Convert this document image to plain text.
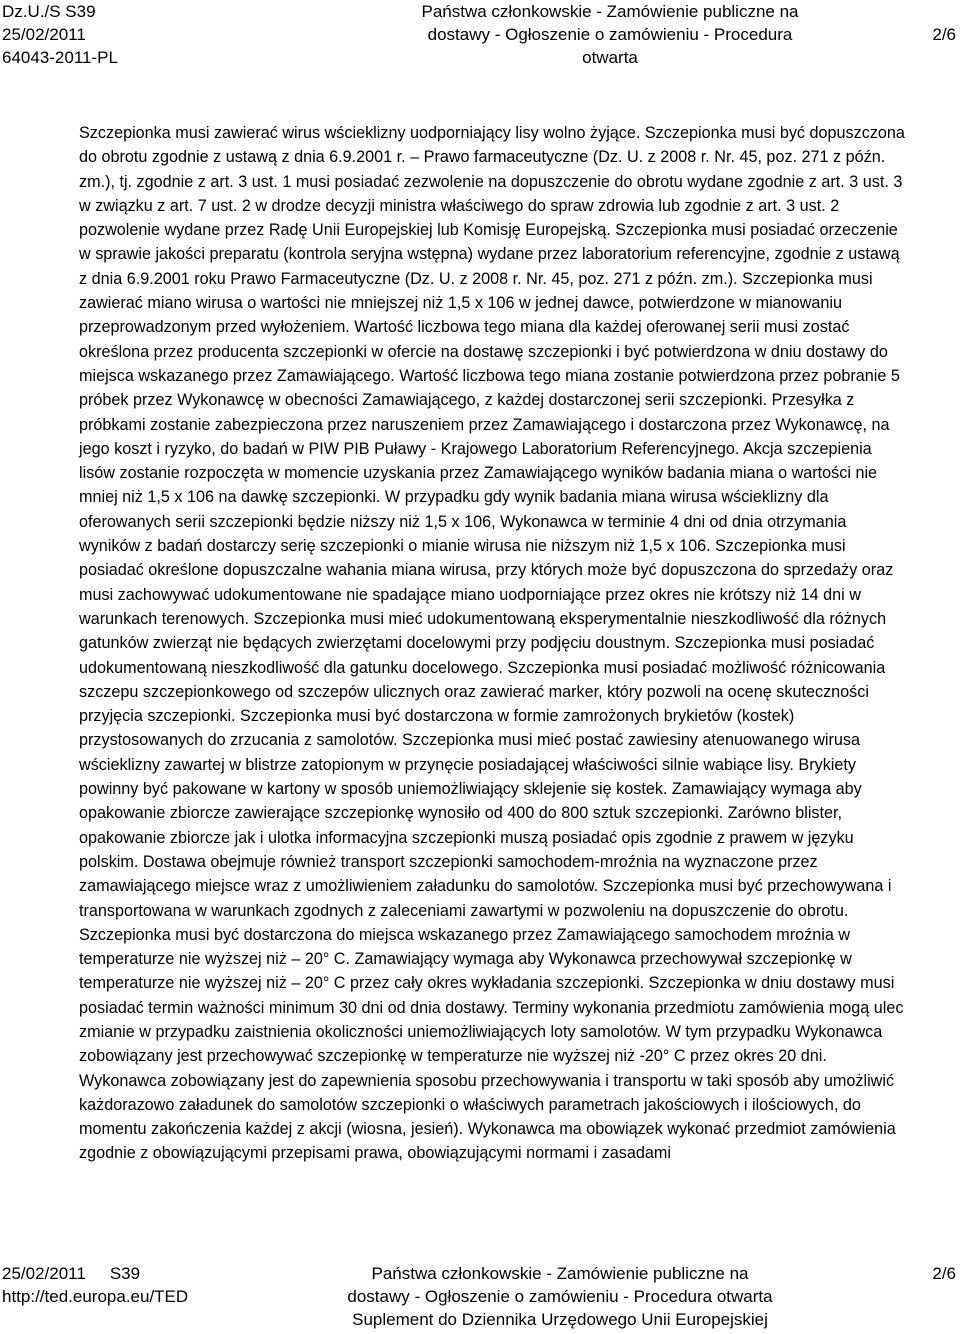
Dz.U./S S39
25/02/2011
64043-2011-PL
Państwa członkowskie - Zamówienie publiczne na
dostawy - Ogłoszenie o zamówieniu - Procedura otwarta
2/6

Szczepionka musi zawierać wirus wścieklizny uodporniający lisy wolno żyjące. Szczepionka musi być dopuszczona do obrotu zgodnie z ustawą z dnia 6.9.2001 r. – Prawo farmaceutyczne (Dz. U. z 2008 r. Nr. 45, poz. 271 z późn. zm.), tj. zgodnie z art. 3 ust. 1 musi posiadać zezwolenie na dopuszczenie do obrotu wydane zgodnie z art. 3 ust. 3 w związku z art. 7 ust. 2 w drodze decyzji ministra właściwego do spraw zdrowia lub zgodnie z art. 3 ust. 2 pozwolenie wydane przez Radę Unii Europejskiej lub Komisję Europejską. Szczepionka musi posiadać orzeczenie w sprawie jakości preparatu (kontrola seryjna wstępna) wydane przez laboratorium referencyjne, zgodnie z ustawą z dnia 6.9.2001 roku Prawo Farmaceutyczne (Dz. U. z 2008 r. Nr. 45, poz. 271 z późn. zm.). Szczepionka musi zawierać miano wirusa o wartości nie mniejszej niż 1,5 x 106 w jednej dawce, potwierdzone w mianowaniu przeprowadzonym przed wyłożeniem. Wartość liczbowa tego miana dla każdej oferowanej serii musi zostać określona przez producenta szczepionki w ofercie na dostawę szczepionki i być potwierdzona w dniu dostawy do miejsca wskazanego przez Zamawiającego. Wartość liczbowa tego miana zostanie potwierdzona przez pobranie 5 próbek przez Wykonawcę w obecności Zamawiającego, z każdej dostarczonej serii szczepionki. Przesyłka z próbkami zostanie zabezpieczona przez naruszeniem przez Zamawiającego i dostarczona przez Wykonawcę, na jego koszt i ryzyko, do badań w PIW PIB Puławy - Krajowego Laboratorium Referencyjnego. Akcja szczepienia lisów zostanie rozpoczęta w momencie uzyskania przez Zamawiającego wyników badania miana o wartości nie mniej niż 1,5 x 106 na dawkę szczepionki. W przypadku gdy wynik badania miana wirusa wścieklizny dla oferowanych serii szczepionki będzie niższy niż 1,5 x 106, Wykonawca w terminie 4 dni od dnia otrzymania wyników z badań dostarczy serię szczepionki o mianie wirusa nie niższym niż 1,5 x 106. Szczepionka musi posiadać określone dopuszczalne wahania miana wirusa, przy których może być dopuszczona do sprzedaży oraz musi zachowywać udokumentowane nie spadające miano uodporniające przez okres nie krótszy niż 14 dni w warunkach terenowych. Szczepionka musi mieć udokumentowaną eksperymentalnie nieszkodliwość dla różnych gatunków zwierząt nie będących zwierzętami docelowymi przy podjęciu doustnym. Szczepionka musi posiadać udokumentowaną nieszkodliwość dla gatunku docelowego. Szczepionka musi posiadać możliwość różnicowania szczepu szczepionkowego od szczepów ulicznych oraz zawierać marker, który pozwoli na ocenę skuteczności przyjęcia szczepionki. Szczepionka musi być dostarczona w formie zamrożonych brykietów (kostek) przystosowanych do zrzucania z samolotów. Szczepionka musi mieć postać zawiesiny atenuowanego wirusa wścieklizny zawartej w blistrze zatopionym w przynęcie posiadającej właściwości silnie wabiące lisy. Brykiety powinny być pakowane w kartony w sposób uniemożliwiający sklejenie się kostek. Zamawiający wymaga aby opakowanie zbiorcze zawierające szczepionkę wynosiło od 400 do 800 sztuk szczepionki. Zarówno blister, opakowanie zbiorcze jak i ulotka informacyjna szczepionki muszą posiadać opis zgodnie z prawem w języku polskim. Dostawa obejmuje również transport szczepionki samochodem-mroźnia na wyznaczone przez zamawiającego miejsce wraz z umożliwieniem załadunku do samolotów. Szczepionka musi być przechowywana i transportowana w warunkach zgodnych z zaleceniami zawartymi w pozwoleniu na dopuszczenie do obrotu. Szczepionka musi być dostarczona do miejsca wskazanego przez Zamawiającego samochodem mroźnia w temperaturze nie wyższej niż – 20° C. Zamawiający wymaga aby Wykonawca przechowywał szczepionkę w temperaturze nie wyższej niż – 20° C przez cały okres wykładania szczepionki. Szczepionka w dniu dostawy musi posiadać termin ważności minimum 30 dni od dnia dostawy. Terminy wykonania przedmiotu zamówienia mogą ulec zmianie w przypadku zaistnienia okoliczności uniemożliwiających loty samolotów. W tym przypadku Wykonawca zobowiązany jest przechowywać szczepionkę w temperaturze nie wyższej niż -20° C przez okres 20 dni. Wykonawca zobowiązany jest do zapewnienia sposobu przechowywania i transportu w taki sposób aby umożliwić każdorazowo załadunek do samolotów szczepionki o właściwych parametrach jakościowych i ilościowych, do momentu zakończenia każdej z akcji (wiosna, jesień). Wykonawca ma obowiązek wykonać przedmiot zamówienia zgodnie z obowiązującymi przepisami prawa, obowiązującymi normami i zasadami

25/02/2011 S39
http://ted.europa.eu/TED
Państwa członkowskie - Zamówienie publiczne na
dostawy - Ogłoszenie o zamówieniu - Procedura otwarta
Suplement do Dziennika Urzędowego Unii Europejskiej
2/6
